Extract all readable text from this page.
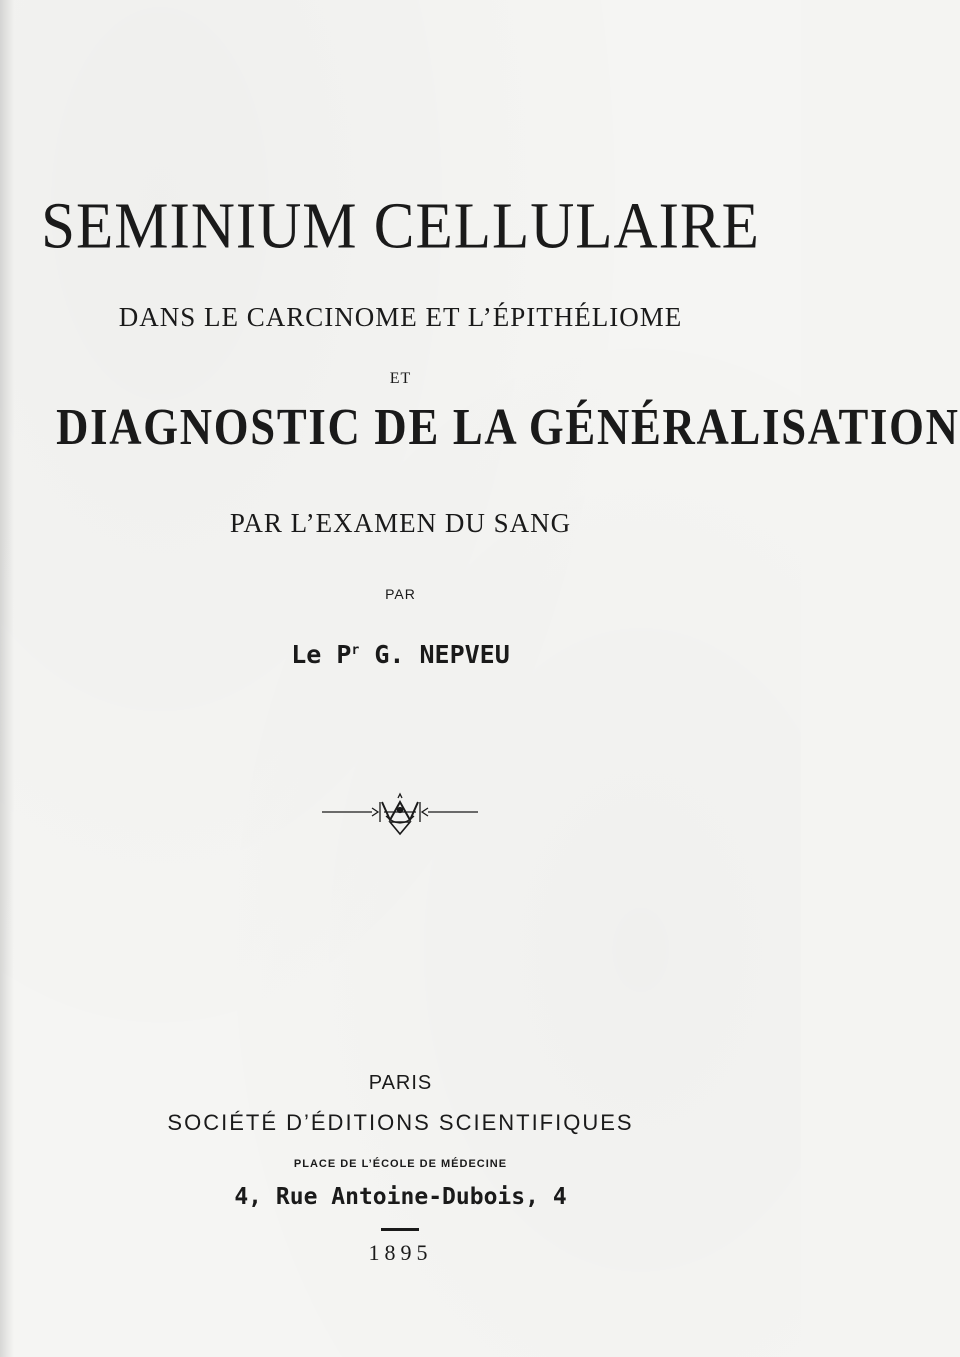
SEMINIUM CELLULAIRE
DANS LE CARCINOME ET L’ÉPITHÉLIOME
ET
DIAGNOSTIC DE LA GÉNÉRALISATION
PAR L’EXAMEN DU SANG
PAR
Le $P^r$ G. NEPVEU
PARIS
SOCIÉTÉ D’ÉDITIONS SCIENTIFIQUES
PLACE DE L’ÉCOLE DE MÉDECINE
4, Rue Antoine-Dubois, 4
1895
